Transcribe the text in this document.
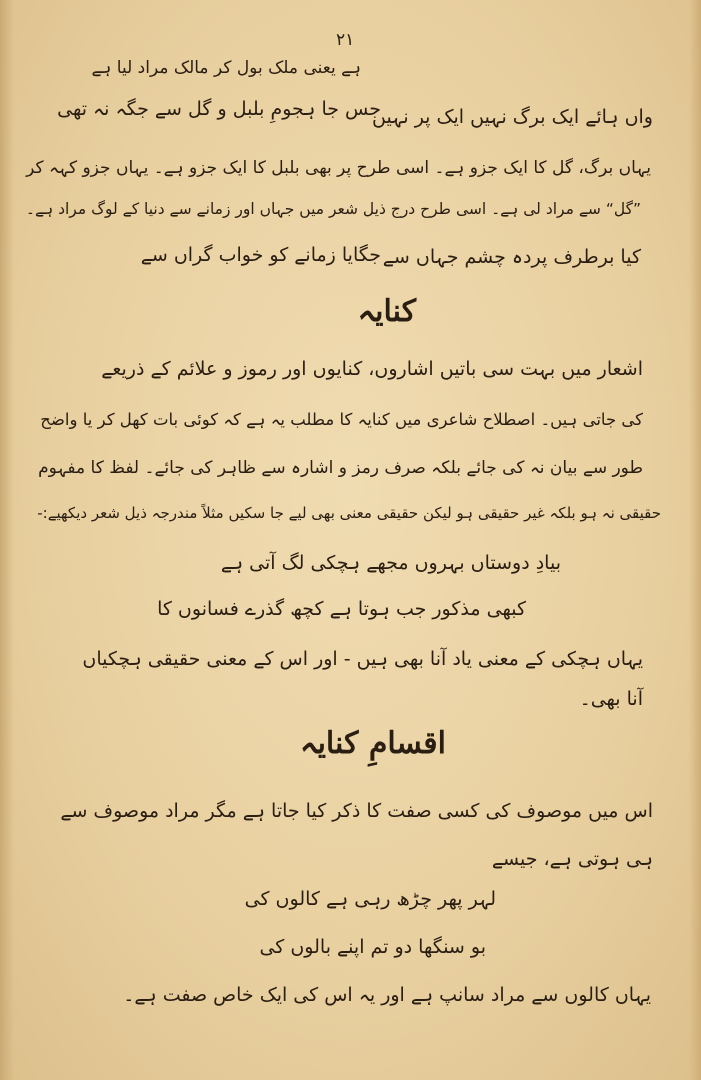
٢١
ہے یعنی ملک بول کر مالک مراد لیا ہے
جس جا ہجومِ بلبل و گل سے جگہ نہ تھی
واں ہائے ایک برگ نہیں ایک پر نہیں
یہاں برگ، گل کا ایک جزو ہے۔ اسی طرح پر بھی بلبل کا ایک جزو ہے۔ یہاں جزو کہہ کر
”گل“ سے مراد لی ہے۔ اسی طرح درج ذیل شعر میں جہاں اور زمانے سے دنیا کے لوگ مراد ہے۔
کیا برطرف پردہ چشم جہاں سے
جگایا زمانے کو خواب گراں سے
کنایہ
اشعار میں بہت سی باتیں اشاروں، کنایوں اور رموز و علائم کے ذریعے
کی جاتی ہیں۔ اصطلاح شاعری میں کنایہ کا مطلب یہ ہے کہ کوئی بات کھل کر یا واضح
طور سے بیان نہ کی جائے بلکہ صرف رمز و اشارہ سے ظاہر کی جائے۔ لفظ کا مفہوم
حقیقی نہ ہو بلکہ غیر حقیقی ہو لیکن حقیقی معنی بھی لیے جا سکیں مثلاً مندرجہ ذیل شعر دیکھیے:-
بیادِ دوستاں بہروں مجھے ہچکی لگ آتی ہے
کبھی مذکور جب ہوتا ہے کچھ گذرے فسانوں کا
یہاں ہچکی کے معنی یاد آنا بھی ہیں - اور اس کے معنی حقیقی ہچکیاں
آنا بھی۔
اقسامِ کنایہ
اس میں موصوف کی کسی صفت کا ذکر کیا جاتا ہے مگر مراد موصوف سے
ہی ہوتی ہے، جیسے
لہر پھر چڑھ رہی ہے کالوں کی
بو سنگھا دو تم اپنے بالوں کی
یہاں کالوں سے مراد سانپ ہے اور یہ اس کی ایک خاص صفت ہے۔
